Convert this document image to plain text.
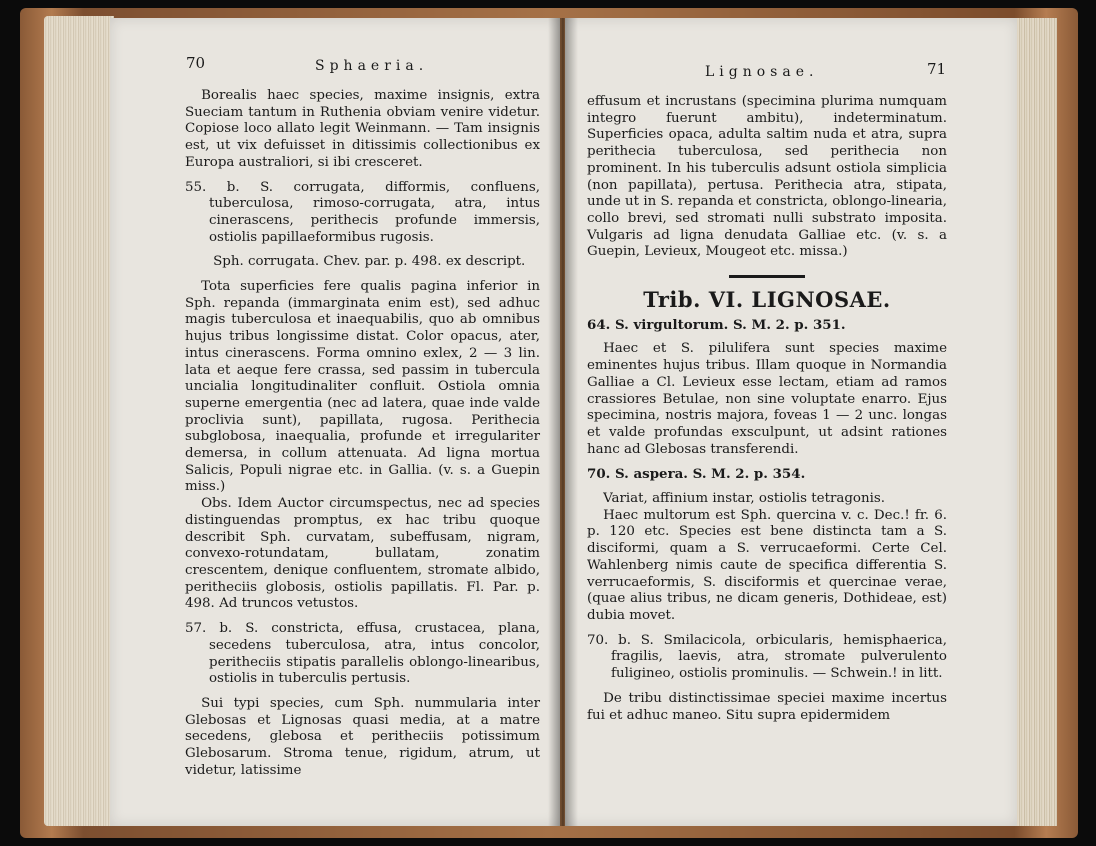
70	Sphaeria.

Borealis haec species, maxime insignis, extra Sueciam tantum in Ruthenia obviam venire videtur. Copiose loco allato legit Weinmann. — Tam insignis est, ut vix defuisset in ditissimis collectionibus ex Europa australiori, si ibi cresceret.

55. b. S. corrugata, difformis, confluens, tuberculosa, rimoso-corrugata, atra, intus cinerascens, perithecis profunde immersis, ostiolis papillaeformibus rugosis.

Sph. corrugata. Chev. par. p. 498. ex descript.

Tota superficies fere qualis pagina inferior in Sph. repanda (immarginata enim est), sed adhuc magis tuberculosa et inaequabilis, quo ab omnibus hujus tribus longissime distat. Color opacus, ater, intus cinerascens. Forma omnino exlex, 2 — 3 lin. lata et aeque fere crassa, sed passim in tubercula uncialia longitudinaliter confluit. Ostiola omnia superne emergentia (nec ad latera, quae inde valde proclivia sunt), papillata, rugosa. Perithecia subglobosa, inaequalia, profunde et irregulariter demersa, in collum attenuata. Ad ligna mortua Salicis, Populi nigrae etc. in Gallia. (v. s. a Guepin miss.)

Obs. Idem Auctor circumspectus, nec ad species distinguendas promptus, ex hac tribu quoque describit Sph. curvatam, subeffusam, nigram, convexo-rotundatam, bullatam, zonatim crescentem, denique confluentem, stromate albido, peritheciis globosis, ostiolis papillatis. Fl. Par. p. 498. Ad truncos vetustos.

57. b. S. constricta, effusa, crustacea, plana, secedens tuberculosa, atra, intus concolor, peritheciis stipatis parallelis oblongo-linearibus, ostiolis in tuberculis pertusis.

Sui typi species, cum Sph. nummularia inter Glebosas et Lignosas quasi media, at a matre secedens, glebosa et peritheciis potissimum Glebosarum. Stroma tenue, rigidum, atrum, ut videtur, latissime

Lignosae.	71

effusum et incrustans (specimina plurima numquam integro fuerunt ambitu), indeterminatum. Superficies opaca, adulta saltim nuda et atra, supra perithecia tuberculosa, sed perithecia non prominent. In his tuberculis adsunt ostiola simplicia (non papillata), pertusa. Perithecia atra, stipata, unde ut in S. repanda et constricta, oblongo-linearia, collo brevi, sed stromati nulli substrato imposita. Vulgaris ad ligna denudata Galliae etc. (v. s. a Guepin, Levieux, Mougeot etc. missa.)

Trib. VI. LIGNOSAE.

64. S. virgultorum. S. M. 2. p. 351.

Haec et S. pilulifera sunt species maxime eminentes hujus tribus. Illam quoque in Normandia Galliae a Cl. Levieux esse lectam, etiam ad ramos crassiores Betulae, non sine voluptate enarro. Ejus specimina, nostris majora, foveas 1 — 2 unc. longas et valde profundas exsculpunt, ut adsint rationes hanc ad Glebosas transferendi.

70. S. aspera. S. M. 2. p. 354.

Variat, affinium instar, ostiolis tetragonis.

Haec multorum est Sph. quercina v. c. Dec.! fr. 6. p. 120 etc. Species est bene distincta tam a S. disciformi, quam a S. verrucaeformi. Certe Cel. Wahlenberg nimis caute de specifica differentia S. verrucaeformis, S. disciformis et quercinae verae, (quae alius tribus, ne dicam generis, Dothideae, est) dubia movet.

70. b. S. Smilacicola, orbicularis, hemisphaerica, fragilis, laevis, atra, stromate pulverulento fuligineo, ostiolis prominulis. — Schwein.! in litt.

De tribu distinctissimae speciei maxime incertus fui et adhuc maneo. Situ supra epidermidem
